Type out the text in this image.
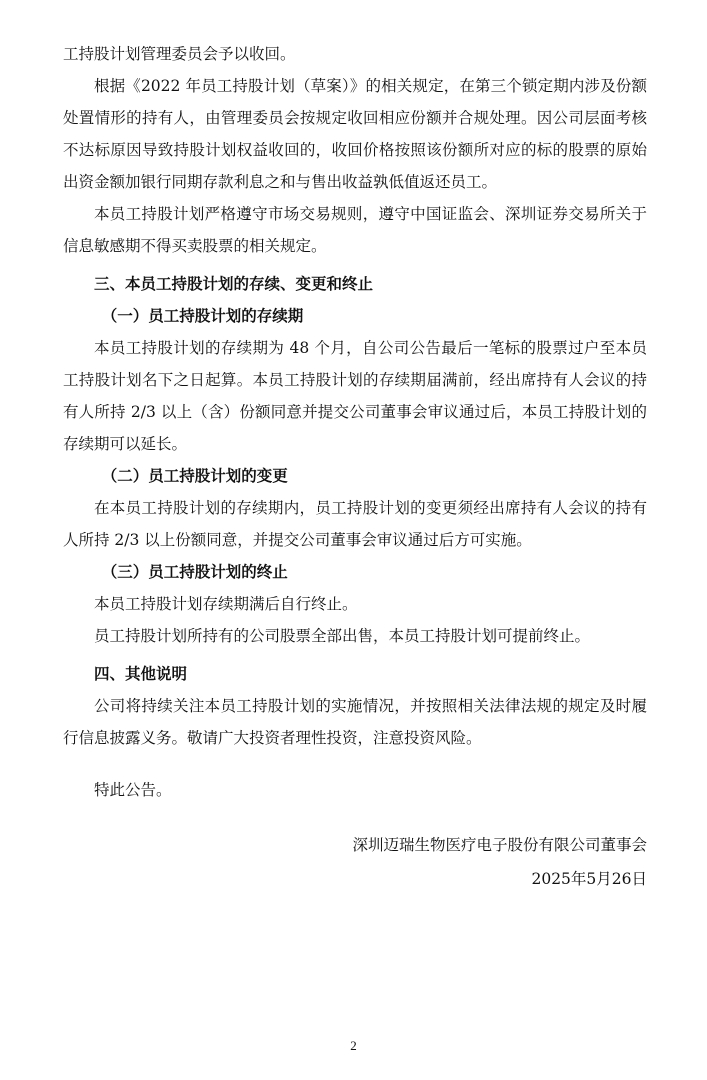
工持股计划管理委员会予以收回。

根据《2022 年员工持股计划（草案）》的相关规定，在第三个锁定期内涉及份额处置情形的持有人，由管理委员会按规定收回相应份额并合规处理。因公司层面考核不达标原因导致持股计划权益收回的，收回价格按照该份额所对应的标的股票的原始出资金额加银行同期存款利息之和与售出收益孰低值返还员工。

本员工持股计划严格遵守市场交易规则，遵守中国证监会、深圳证券交易所关于信息敏感期不得买卖股票的相关规定。

三、本员工持股计划的存续、变更和终止

（一）员工持股计划的存续期

本员工持股计划的存续期为 48 个月，自公司公告最后一笔标的股票过户至本员工持股计划名下之日起算。本员工持股计划的存续期届满前，经出席持有人会议的持有人所持 2/3 以上（含）份额同意并提交公司董事会审议通过后，本员工持股计划的存续期可以延长。

（二）员工持股计划的变更

在本员工持股计划的存续期内，员工持股计划的变更须经出席持有人会议的持有人所持 2/3 以上份额同意，并提交公司董事会审议通过后方可实施。

（三）员工持股计划的终止

本员工持股计划存续期满后自行终止。

员工持股计划所持有的公司股票全部出售，本员工持股计划可提前终止。

四、其他说明

公司将持续关注本员工持股计划的实施情况，并按照相关法律法规的规定及时履行信息披露义务。敬请广大投资者理性投资，注意投资风险。

特此公告。

深圳迈瑞生物医疗电子股份有限公司董事会

2025年5月26日

2
